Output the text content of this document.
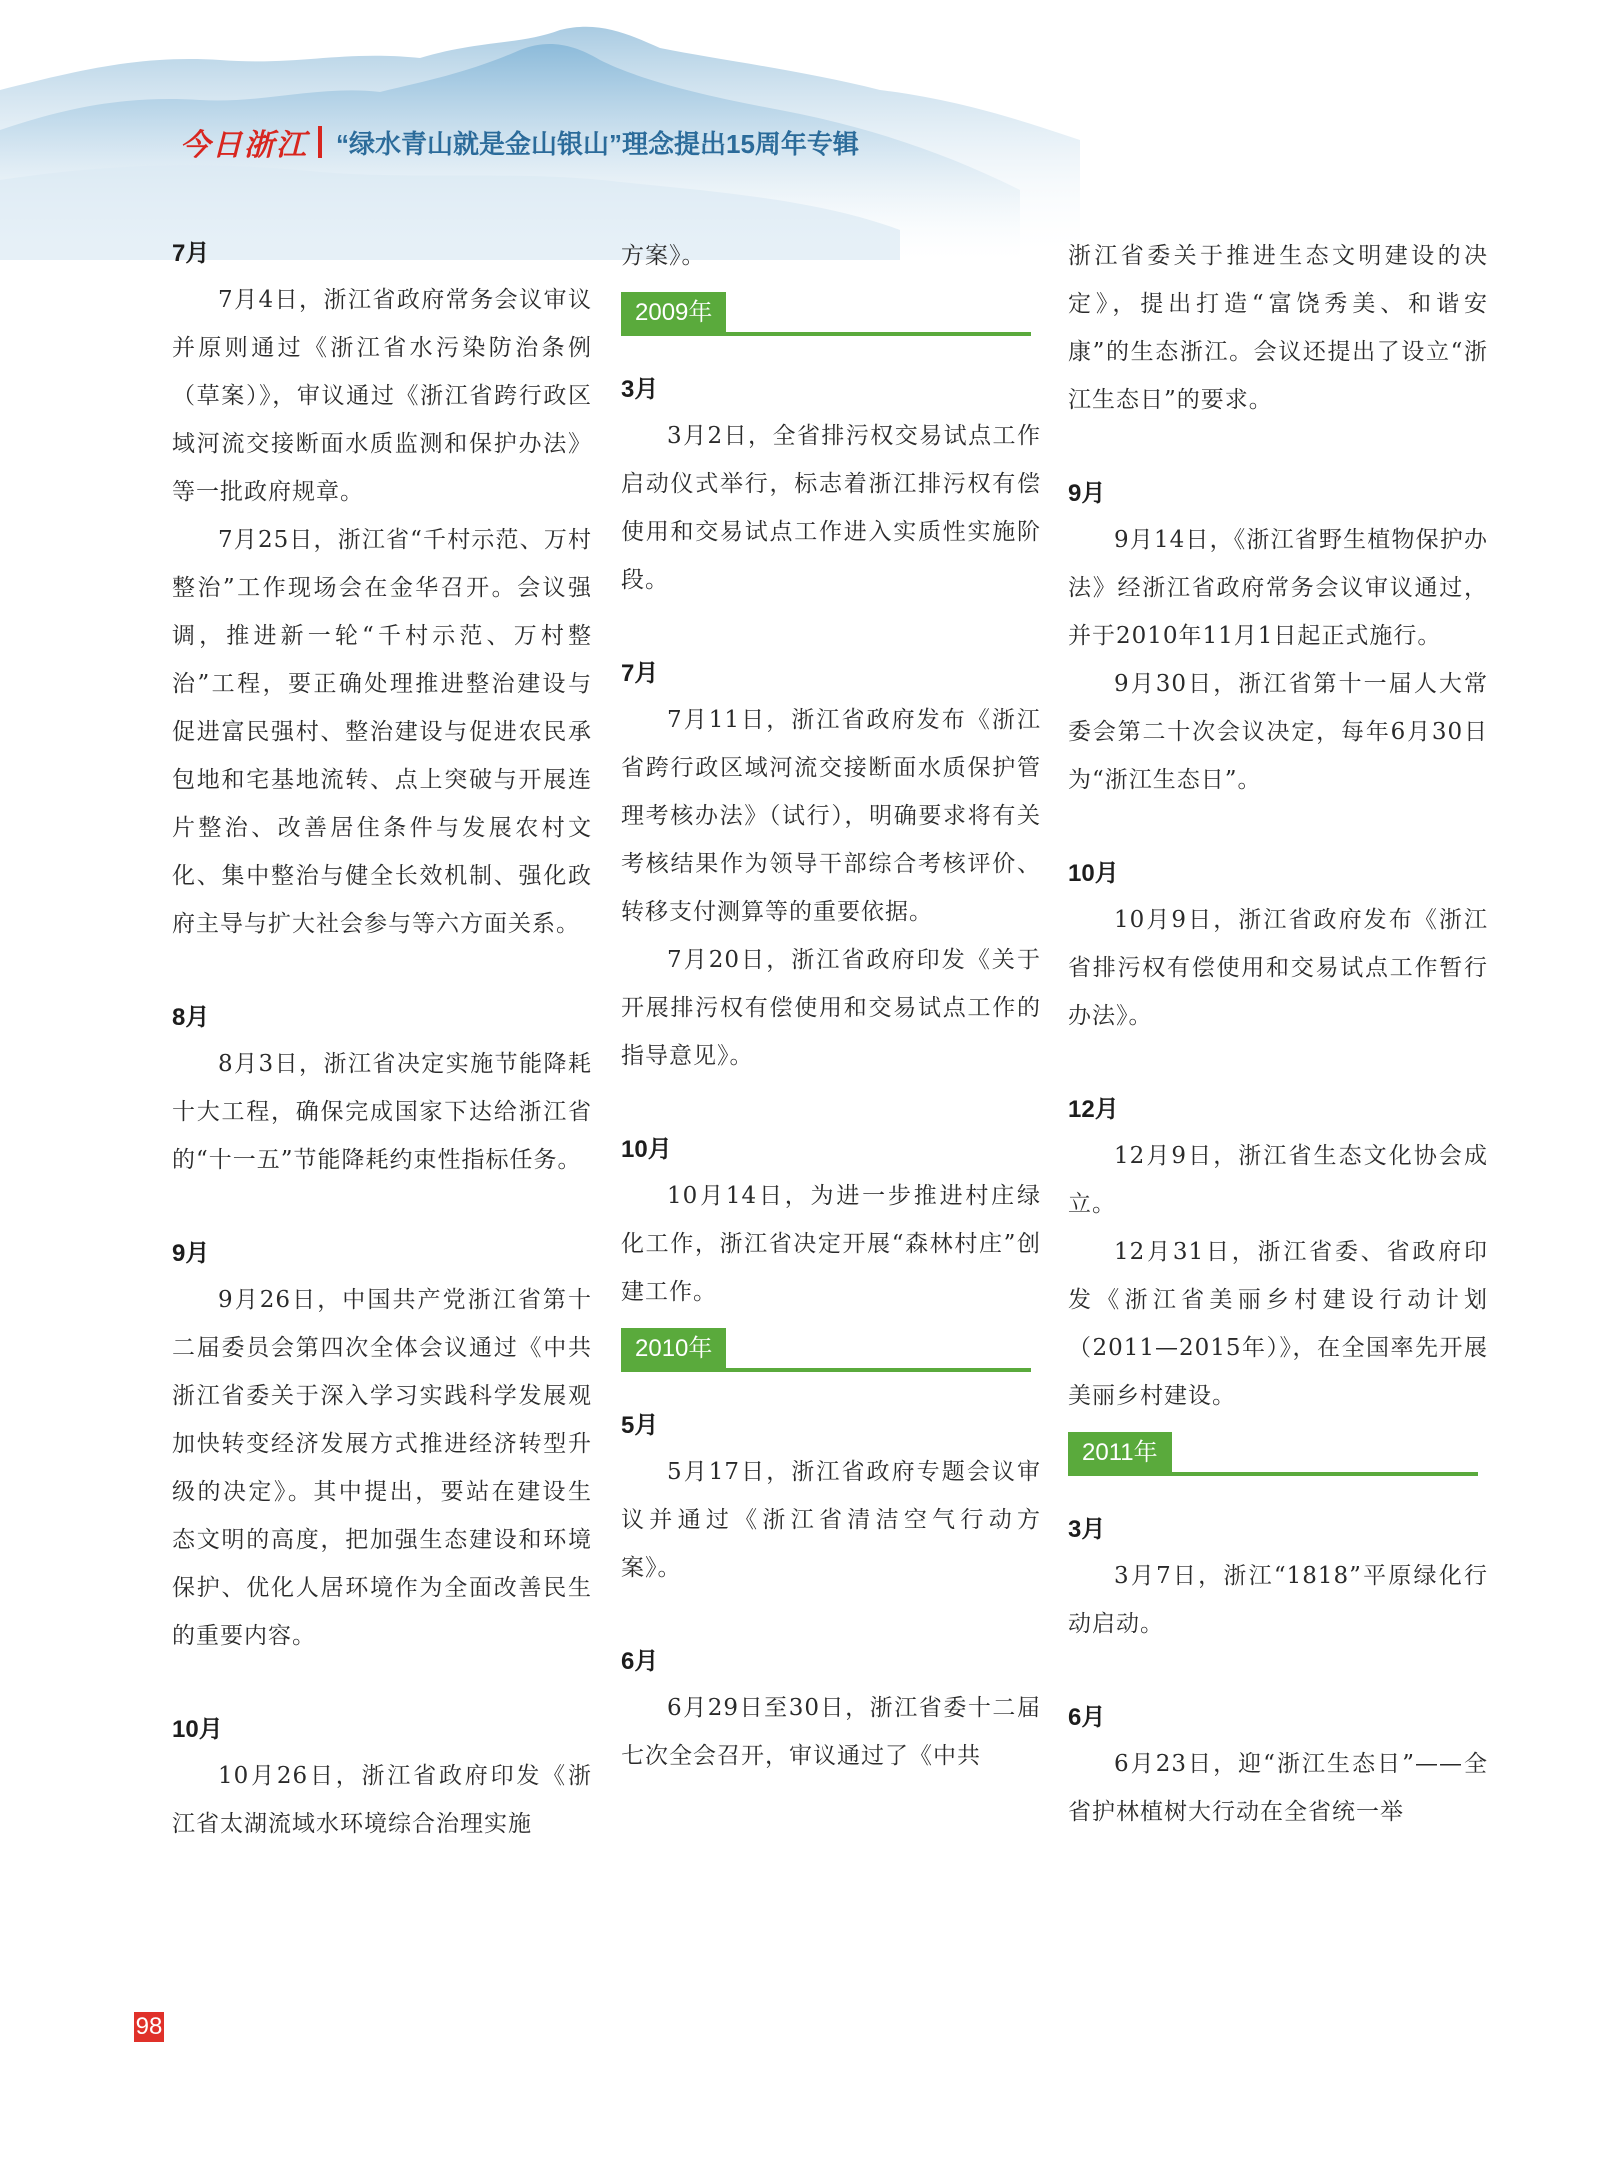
今日浙江 “绿水青山就是金山银山”理念提出15周年专辑
7月

7月4日，浙江省政府常务会议审议并原则通过《浙江省水污染防治条例（草案）》，审议通过《浙江省跨行政区域河流交接断面水质监测和保护办法》等一批政府规章。

7月25日，浙江省“千村示范、万村整治”工作现场会在金华召开。会议强调，推进新一轮“千村示范、万村整治”工程，要正确处理推进整治建设与促进富民强村、整治建设与促进农民承包地和宅基地流转、点上突破与开展连片整治、改善居住条件与发展农村文化、集中整治与健全长效机制、强化政府主导与扩大社会参与等六方面关系。

8月

8月3日，浙江省决定实施节能降耗十大工程，确保完成国家下达给浙江省的“十一五”节能降耗约束性指标任务。

9月

9月26日，中国共产党浙江省第十二届委员会第四次全体会议通过《中共浙江省委关于深入学习实践科学发展观 加快转变经济发展方式推进经济转型升级的决定》。其中提出，要站在建设生态文明的高度，把加强生态建设和环境保护、优化人居环境作为全面改善民生的重要内容。

10月

10月26日，浙江省政府印发《浙江省太湖流域水环境综合治理实施

方案》。

2009年
3月

3月2日，全省排污权交易试点工作启动仪式举行，标志着浙江排污权有偿使用和交易试点工作进入实质性实施阶段。

7月

7月11日，浙江省政府发布《浙江省跨行政区域河流交接断面水质保护管理考核办法》（试行），明确要求将有关考核结果作为领导干部综合考核评价、转移支付测算等的重要依据。

7月20日，浙江省政府印发《关于开展排污权有偿使用和交易试点工作的指导意见》。

10月

10月14日，为进一步推进村庄绿化工作，浙江省决定开展“森林村庄”创建工作。

2010年
5月

5月17日，浙江省政府专题会议审议并通过《浙江省清洁空气行动方案》。

6月

6月29日至30日，浙江省委十二届七次全会召开，审议通过了《中共

浙江省委关于推进生态文明建设的决定》，提出打造“富饶秀美、和谐安康”的生态浙江。会议还提出了设立“浙江生态日”的要求。

9月

9月14日，《浙江省野生植物保护办法》经浙江省政府常务会议审议通过，并于2010年11月1日起正式施行。

9月30日，浙江省第十一届人大常委会第二十次会议决定，每年6月30日为“浙江生态日”。

10月

10月9日，浙江省政府发布《浙江省排污权有偿使用和交易试点工作暂行办法》。

12月

12月9日，浙江省生态文化协会成立。

12月31日，浙江省委、省政府印发《浙江省美丽乡村建设行动计划（2011—2015年）》，在全国率先开展美丽乡村建设。

2011年
3月

3月7日，浙江“1818”平原绿化行动启动。

6月

6月23日，迎“浙江生态日”——全省护林植树大行动在全省统一举

98
